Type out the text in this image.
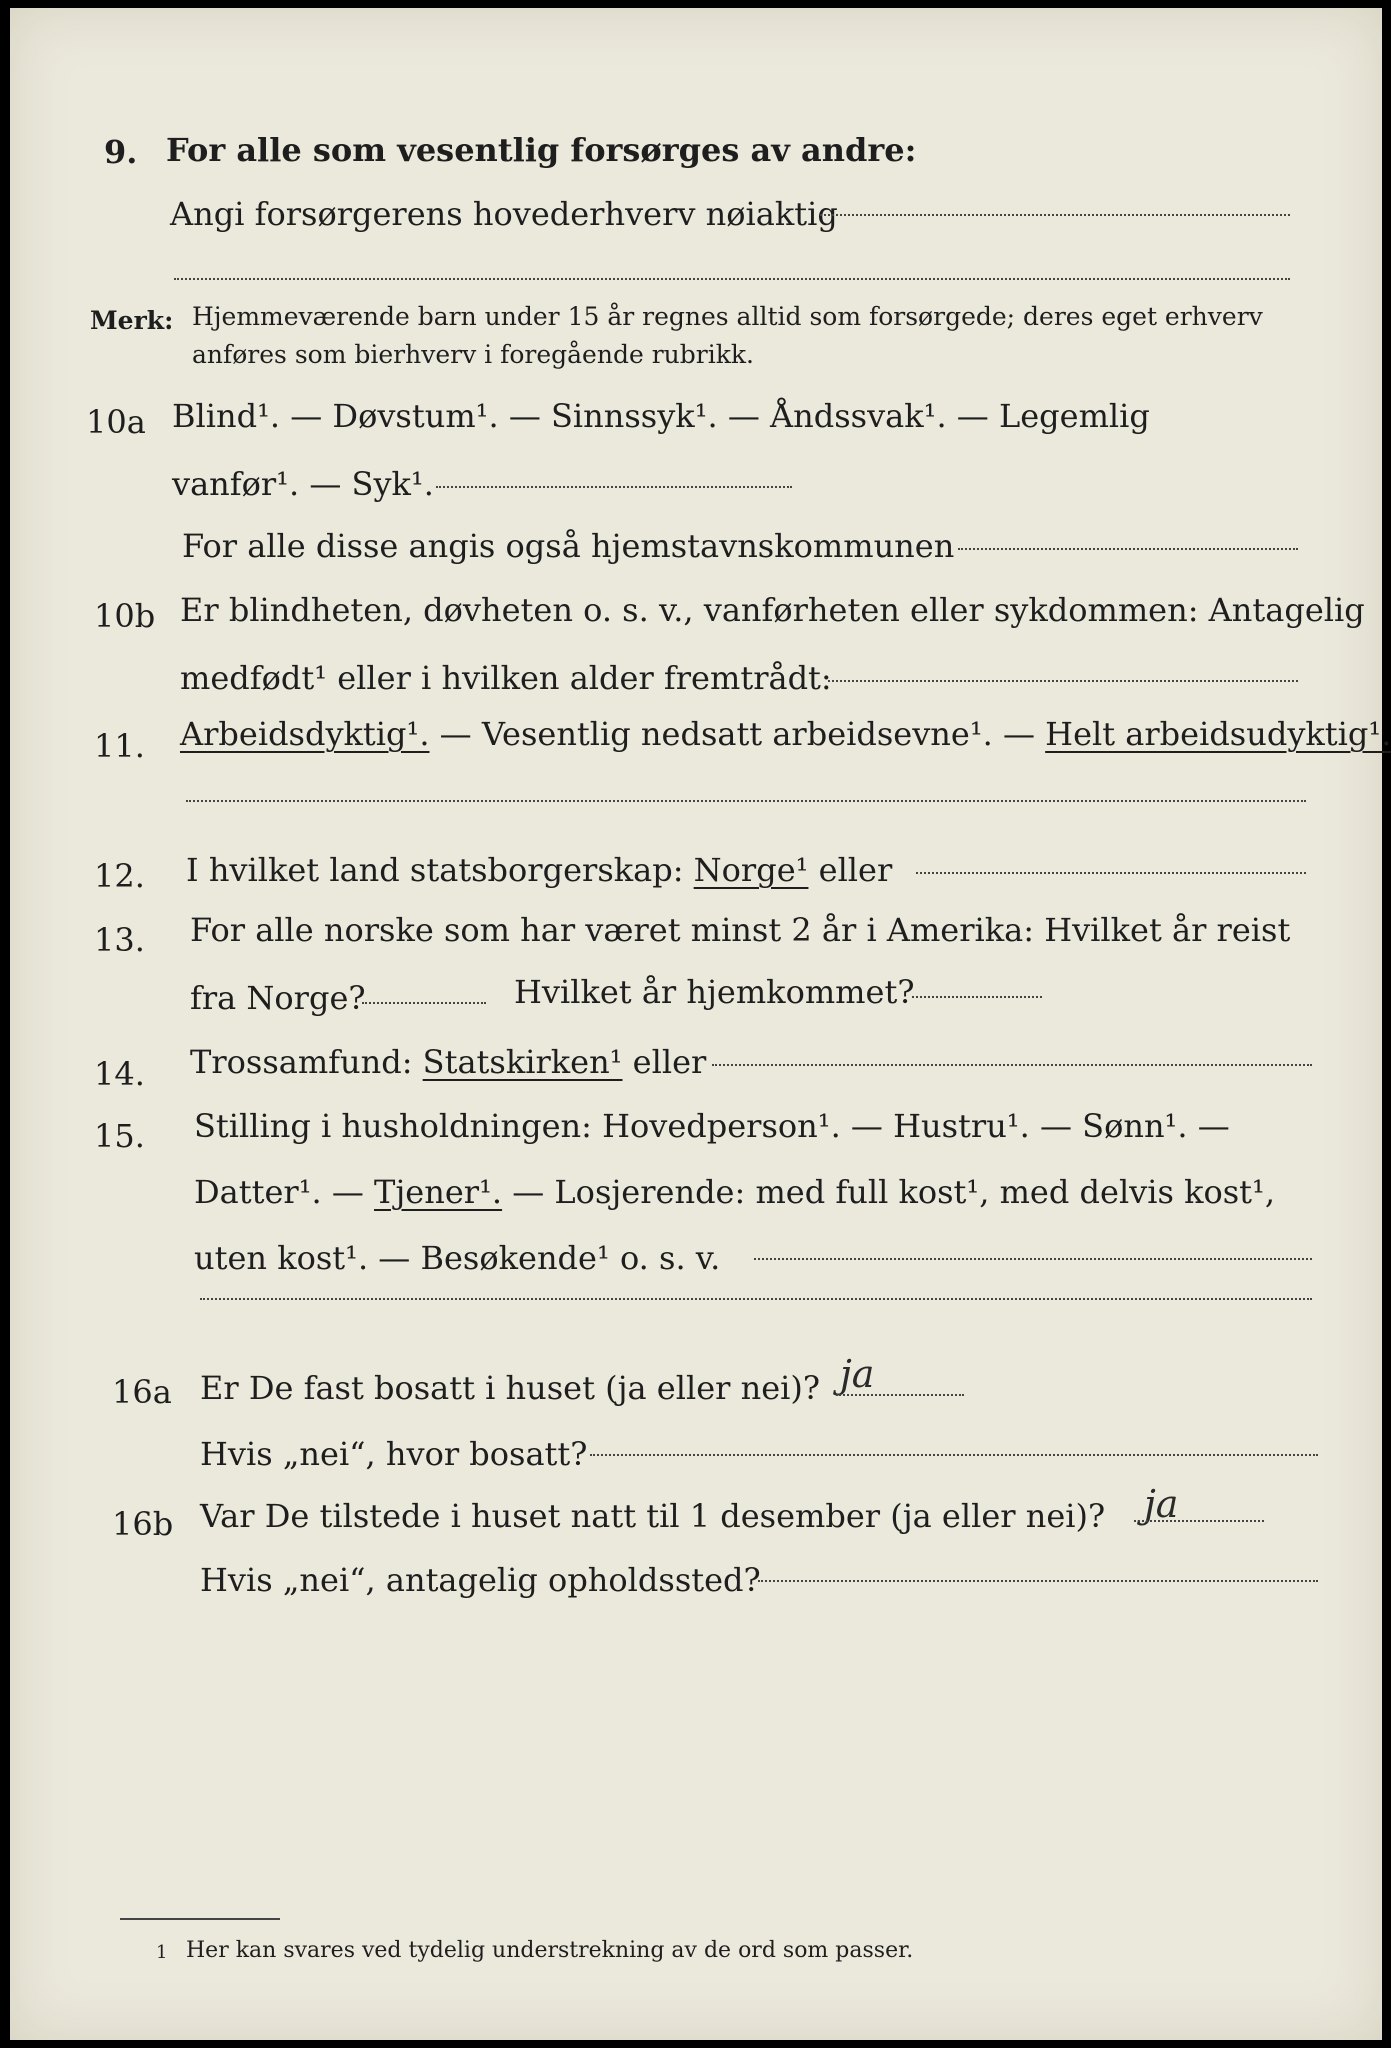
9. For alle som vesentlig forsørges av andre:
Angi forsørgerens hovederhverv nøiaktig
Merk: Hjemmeværende barn under 15 år regnes alltid som forsørgede; deres eget erhverv
anføres som bierhverv i foregående rubrikk.
10a Blind¹. — Døvstum¹. — Sinnssyk¹. — Åndssvak¹. — Legemlig
vanfør¹. — Syk¹.
For alle disse angis også hjemstavnskommunen
10b Er blindheten, døvheten o. s. v., vanførheten eller sykdommen: Antagelig
medfødt¹ eller i hvilken alder fremtrådt:
11. Arbeidsdyktig¹. — Vesentlig nedsatt arbeidsevne¹. — Helt arbeidsudyktig¹.
12. I hvilket land statsborgerskap: Norge¹ eller
13. For alle norske som har været minst 2 år i Amerika: Hvilket år reist
fra Norge?	Hvilket år hjemkommet?
14. Trossamfund: Statskirken¹ eller
15. Stilling i husholdningen: Hovedperson¹. — Hustru¹. — Sønn¹. —
Datter¹. — Tjener¹. — Losjerende: med full kost¹, med delvis kost¹,
uten kost¹. — Besøkende¹ o. s. v.
16a Er De fast bosatt i huset (ja eller nei)? ja
Hvis „nei“, hvor bosatt?
16b Var De tilstede i huset natt til 1 desember (ja eller nei)? ja
Hvis „nei“, antagelig opholdssted?
1 Her kan svares ved tydelig understrekning av de ord som passer.
